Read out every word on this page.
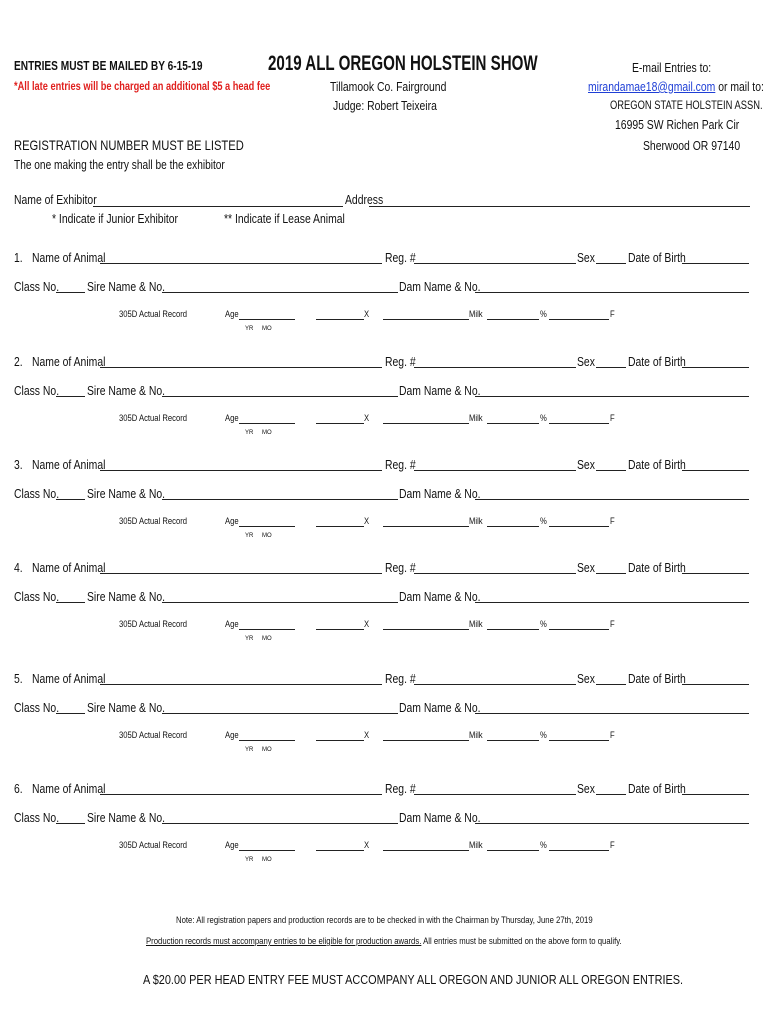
ENTRIES MUST BE MAILED BY 6-15-19
*All late entries will be charged an additional $5 a head fee
2019 ALL OREGON HOLSTEIN SHOW
Tillamook Co. Fairground
Judge: Robert Teixeira
E-mail Entries to:
mirandamae18@gmail.com or mail to:
OREGON STATE HOLSTEIN ASSN.
16995 SW Richen Park Cir
Sherwood OR 97140
REGISTRATION NUMBER MUST BE LISTED
The one making the entry shall be the exhibitor
Name of Exhibitor	Address
* Indicate if Junior Exhibitor	** Indicate if Lease Animal
1. Name of Animal	Reg. #	Sex	Date of Birth
Class No. Sire Name & No.	Dam Name & No.
305D Actual Record	Age	X	Milk	%	F
YR MO
2. Name of Animal	Reg. #	Sex	Date of Birth
Class No. Sire Name & No.	Dam Name & No.
305D Actual Record	Age	X	Milk	%	F
YR MO
3. Name of Animal	Reg. #	Sex	Date of Birth
Class No. Sire Name & No.	Dam Name & No.
305D Actual Record	Age	X	Milk	%	F
YR MO
4. Name of Animal	Reg. #	Sex	Date of Birth
Class No. Sire Name & No.	Dam Name & No.
305D Actual Record	Age	X	Milk	%	F
YR MO
5. Name of Animal	Reg. #	Sex	Date of Birth
Class No. Sire Name & No.	Dam Name & No.
305D Actual Record	Age	X	Milk	%	F
YR MO
6. Name of Animal	Reg. #	Sex	Date of Birth
Class No. Sire Name & No.	Dam Name & No.
305D Actual Record	Age	X	Milk	%	F
YR MO
Note: All registration papers and production records are to be checked in with the Chairman by Thursday, June 27th, 2019
Production records must accompany entries to be eligible for production awards. All entries must be submitted on the above form to qualify.
A $20.00 PER HEAD ENTRY FEE MUST ACCOMPANY ALL OREGON AND JUNIOR ALL OREGON ENTRIES.
